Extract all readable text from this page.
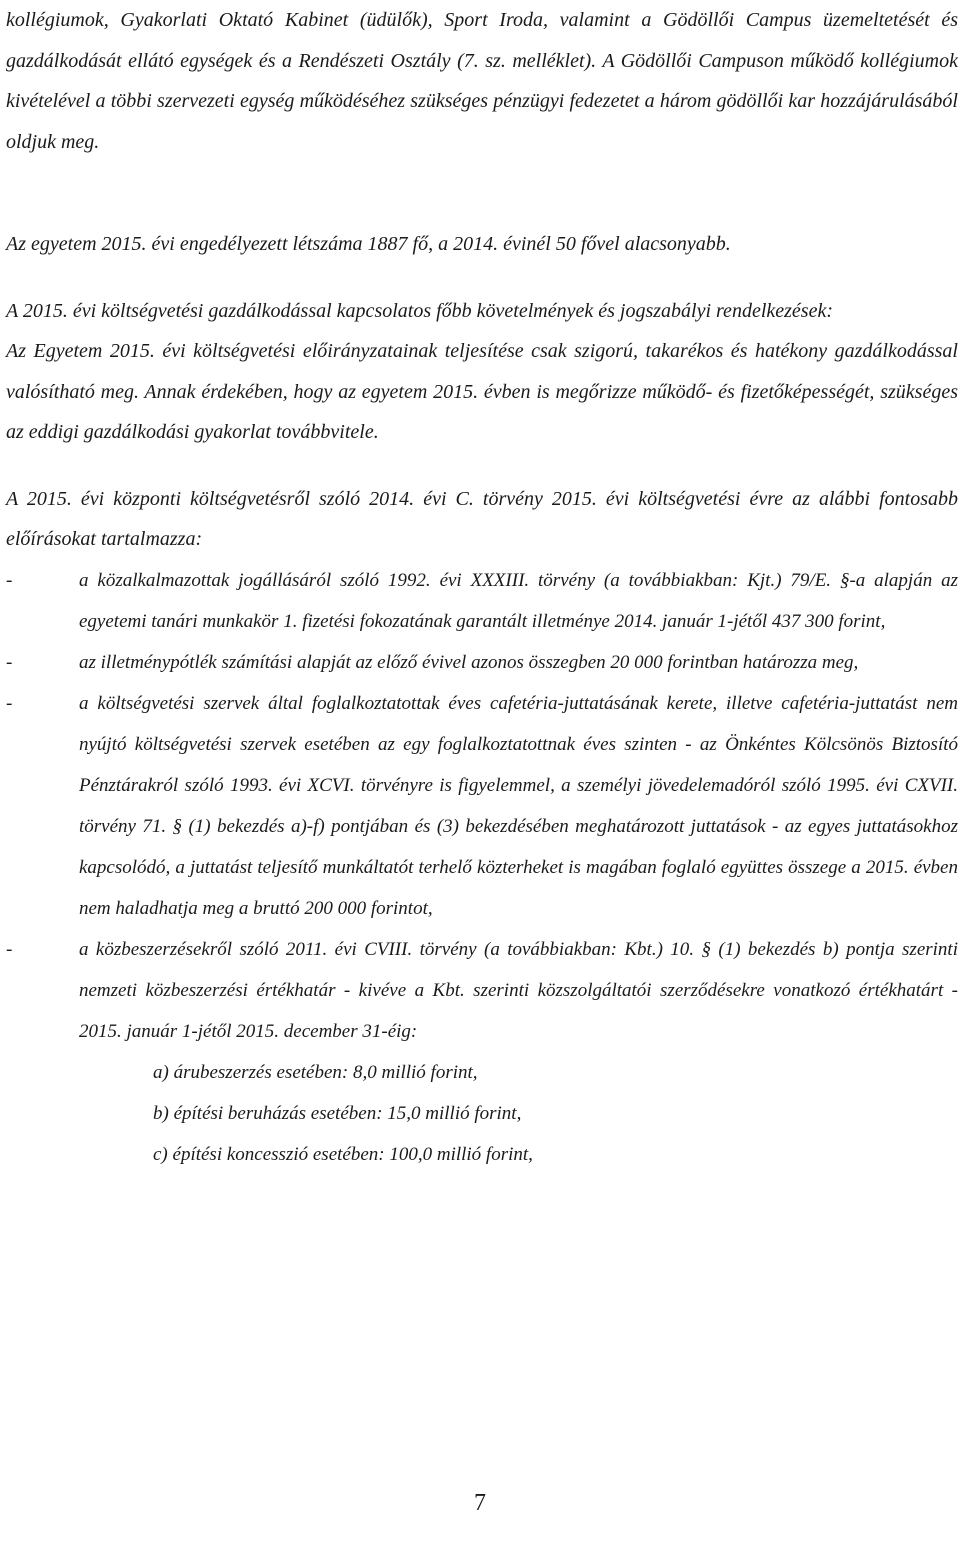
kollégiumok, Gyakorlati Oktató Kabinet (üdülők), Sport Iroda, valamint a Gödöllői Campus üzemeltetését és gazdálkodását ellátó egységek és a Rendészeti Osztály (7. sz. melléklet). A Gödöllői Campuson működő kollégiumok kivételével a többi szervezeti egység működéséhez szükséges pénzügyi fedezetet a három gödöllői kar hozzájárulásából oldjuk meg.

Az egyetem 2015. évi engedélyezett létszáma 1887 fő, a 2014. évinél 50 fővel alacsonyabb.

A 2015. évi költségvetési gazdálkodással kapcsolatos főbb követelmények és jogszabályi rendelkezések:

Az Egyetem 2015. évi költségvetési előirányzatainak teljesítése csak szigorú, takarékos és hatékony gazdálkodással valósítható meg. Annak érdekében, hogy az egyetem 2015. évben is megőrizze működő- és fizetőképességét, szükséges az eddigi gazdálkodási gyakorlat továbbvitele.

A 2015. évi központi költségvetésről szóló 2014. évi C. törvény 2015. évi költségvetési évre az alábbi fontosabb előírásokat tartalmazza:

-	a közalkalmazottak jogállásáról szóló 1992. évi XXXIII. törvény (a továbbiakban: Kjt.) 79/E. §-a alapján az egyetemi tanári munkakör 1. fizetési fokozatának garantált illetménye 2014. január 1-jétől 437 300 forint,
-	az illetménypótlék számítási alapját az előző évivel azonos összegben 20 000 forintban határozza meg,
-	a költségvetési szervek által foglalkoztatottak éves cafetéria-juttatásának kerete, illetve cafetéria-juttatást nem nyújtó költségvetési szervek esetében az egy foglalkoztatottnak éves szinten - az Önkéntes Kölcsönös Biztosító Pénztárakról szóló 1993. évi XCVI. törvényre is figyelemmel, a személyi jövedelemadóról szóló 1995. évi CXVII. törvény 71. § (1) bekezdés a)-f) pontjában és (3) bekezdésében meghatározott juttatások - az egyes juttatásokhoz kapcsolódó, a juttatást teljesítő munkáltatót terhelő közterheket is magában foglaló együttes összege a 2015. évben nem haladhatja meg a bruttó 200 000 forintot,
-	a közbeszerzésekről szóló 2011. évi CVIII. törvény (a továbbiakban: Kbt.) 10. § (1) bekezdés b) pontja szerinti nemzeti közbeszerzési értékhatár - kivéve a Kbt. szerinti közszolgáltatói szerződésekre vonatkozó értékhatárt - 2015. január 1-jétől 2015. december 31-éig:
a) árubeszerzés esetében: 8,0 millió forint,
b) építési beruházás esetében: 15,0 millió forint,
c) építési koncesszió esetében: 100,0 millió forint,
7
